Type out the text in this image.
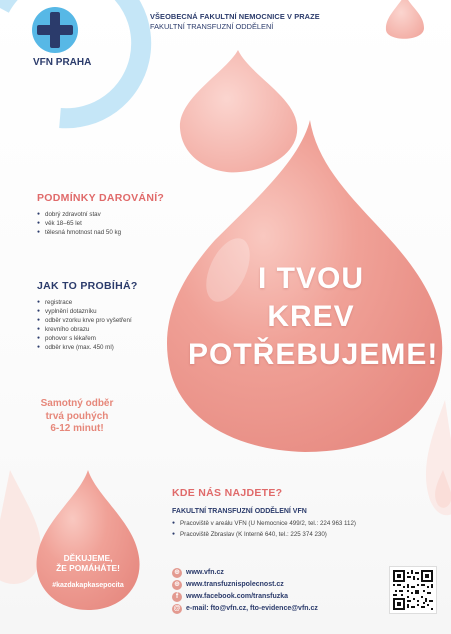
VFN PRAHA
VŠEOBECNÁ FAKULTNÍ NEMOCNICE V PRAZE
FAKULTNÍ TRANSFUZNÍ ODDĚLENÍ
PODMÍNKY DAROVÁNÍ?
● dobrý zdravotní stav
● věk 18–65 let
● tělesná hmotnost nad 50 kg
JAK TO PROBÍHÁ?
● registrace
● vyplnění dotazníku
● odběr vzorku krve pro vyšetření
● krevního obrazu
● pohovor s lékařem
● odběr krve (max. 450 ml)
Samotný odběr
trvá pouhých
6-12 minut!
I TVOU
KREV
POTŘEBUJEME!
DĚKUJEME,
ŽE POMÁHÁTE!
#kazdakapkasepocita
KDE NÁS NAJDETE?
FAKULTNÍ TRANSFUZNÍ ODDĚLENÍ VFN
● Pracoviště v areálu VFN (U Nemocnice 499/2, tel.: 224 963 112)
● Pracoviště Zbraslav (K Interně 640, tel.: 225 374 230)
⊕ www.vfn.cz
⊕ www.transfuznispolecnost.cz
f	www.facebook.com/transfuzka
@ e-mail: fto@vfn.cz, fto-evidence@vfn.cz
